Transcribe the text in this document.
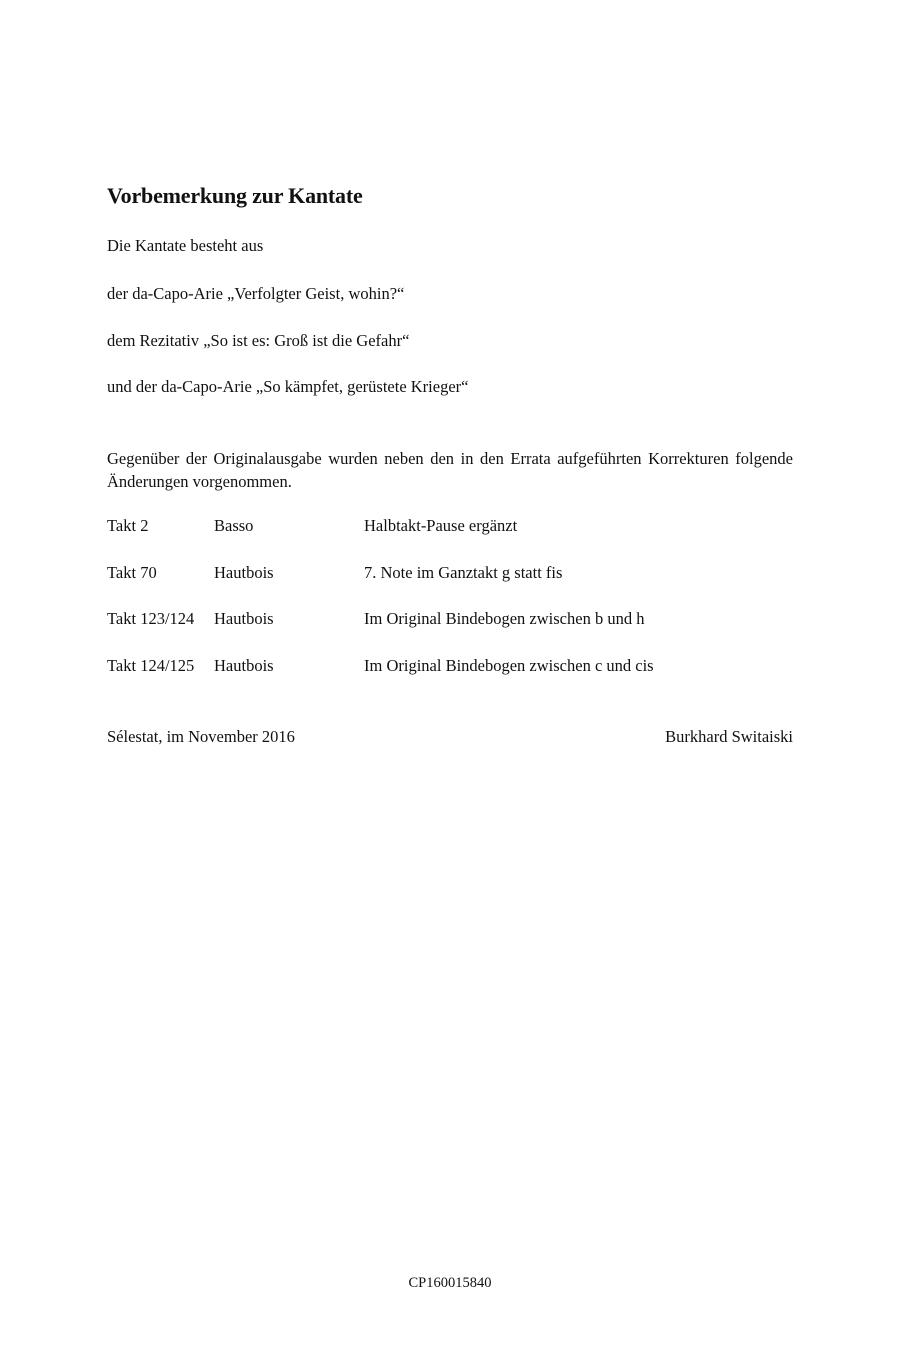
Vorbemerkung zur Kantate
Die Kantate besteht aus
der da-Capo-Arie „Verfolgter Geist, wohin?“
dem Rezitativ „So ist es: Groß ist die Gefahr“
und der da-Capo-Arie „So kämpfet, gerüstete Krieger“
Gegenüber der Originalausgabe wurden neben den in den Errata aufgeführten Korrekturen folgende Änderungen vorgenommen.
Takt 2	Basso	Halbtakt-Pause ergänzt
Takt 70	Hautbois	7. Note im Ganztakt g statt fis
Takt 123/124 Hautbois	Im Original Bindebogen zwischen b und h
Takt 124/125 Hautbois	Im Original Bindebogen zwischen c und cis
Sélestat, im November 2016	Burkhard Switaiski
CP160015840
